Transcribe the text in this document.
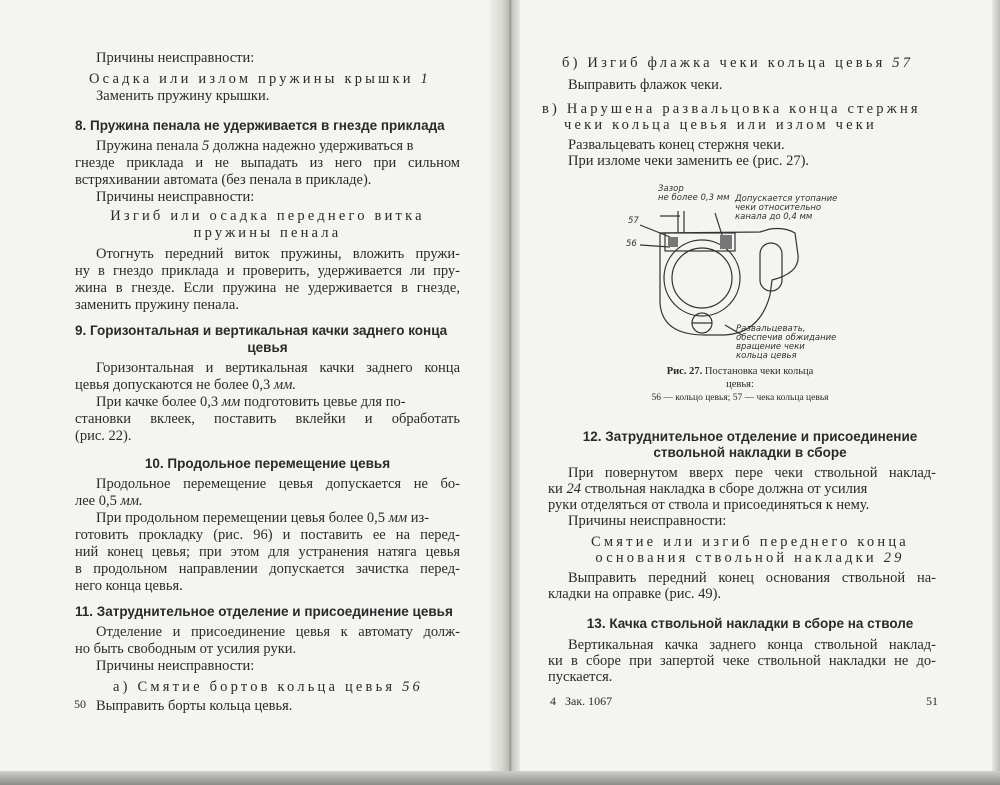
Причины неисправности:
Осадка или излом пружины крышки 1
Заменить пружину крышки.
8. Пружина пенала не удерживается в гнезде приклада
Пружина пенала 5 должна надежно удерживаться в
гнезде приклада и не выпадать из него при сильном
встряхивании автомата (без пенала в прикладе).
Причины неисправности:
Изгиб или осадка переднего витка
пружины пенала
Отогнуть передний виток пружины, вложить пружи-
ну в гнездо приклада и проверить, удерживается ли пру-
жина в гнезде. Если пружина не удерживается в гнезде,
заменить пружину пенала.
9. Горизонтальная и вертикальная качки заднего конца
цевья
Горизонтальная и вертикальная качки заднего конца
цевья допускаются не более 0,3 мм.
При качке более 0,3 мм подготовить цевье для по-
становки вклеек, поставить вклейки и обработать
(рис. 22).
10. Продольное перемещение цевья
Продольное перемещение цевья допускается не бо-
лее 0,5 мм.
При продольном перемещении цевья более 0,5 мм из-
готовить прокладку (рис. 96) и поставить ее на перед-
ний конец цевья; при этом для устранения натяга цевья
в продольном направлении допускается зачистка перед-
него конца цевья.
11. Затруднительное отделение и присоединение цевья
Отделение и присоединение цевья к автомату долж-
но быть свободным от усилия руки.
Причины неисправности:
а) Смятие бортов кольца цевья 56
Выправить борты кольца цевья.
50
б) Изгиб флажка чеки кольца цевья 57
Выправить флажок чеки.
в) Нарушена развальцовка конца стержня
чеки кольца цевья или излом чеки
Развальцевать конец стержня чеки.
При изломе чеки заменить ее (рис. 27).
Рис. 27. Постановка чеки кольца
цевья:
56 — кольцо цевья; 57 — чека кольца цевья
12. Затруднительное отделение и присоединение
ствольной накладки в сборе
При повернутом вверх пере чеки ствольной наклад-
ки 24 ствольная накладка в сборе должна от усилия
руки отделяться от ствола и присоединяться к нему.
Причины неисправности:
Смятие или изгиб переднего конца
основания ствольной накладки 29
Выправить передний конец основания ствольной на-
кладки на оправке (рис. 49).
13. Качка ствольной накладки в сборе на стволе
Вертикальная качка заднего конца ствольной наклад-
ки в сборе при запертой чеке ствольной накладки не до-
пускается.
4 Зак. 1067	51
Зазор
не более 0,3 мм Допускается утопание
чеки относительно
канала до 0,4 мм
57
56
Развальцевать,
обеспечив обжидание
вращение чеки
кольца цевья
